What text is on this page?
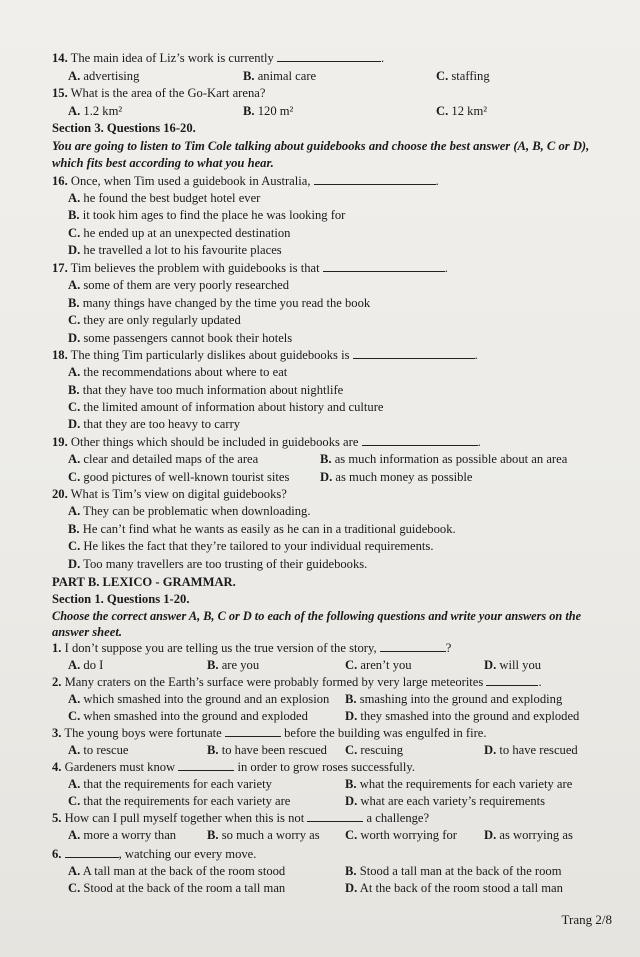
14. The main idea of Liz’s work is currently	.
A. advertising	B. animal care	C. staffing
15. What is the area of the Go-Kart arena?
A. 1.2 km²	B. 120 m²	C. 12 km²
Section 3. Questions 16-20.
You are going to listen to Tim Cole talking about guidebooks and choose the best answer (A, B, C or D),
which fits best according to what you hear.
16. Once, when Tim used a guidebook in Australia,	.
A. he found the best budget hotel ever
B. it took him ages to find the place he was looking for
C. he ended up at an unexpected destination
D. he travelled a lot to his favourite places
17. Tim believes the problem with guidebooks is that	.
A. some of them are very poorly researched
B. many things have changed by the time you read the book
C. they are only regularly updated
D. some passengers cannot book their hotels
18. The thing Tim particularly dislikes about guidebooks is	.
A. the recommendations about where to eat
B. that they have too much information about nightlife
C. the limited amount of information about history and culture
D. that they are too heavy to carry
19. Other things which should be included in guidebooks are	.
A. clear and detailed maps of the area	B. as much information as possible about an area
C. good pictures of well-known tourist sites D. as much money as possible
20. What is Tim’s view on digital guidebooks?
A. They can be problematic when downloading.
B. He can’t find what he wants as easily as he can in a traditional guidebook.
C. He likes the fact that they’re tailored to your individual requirements.
D. Too many travellers are too trusting of their guidebooks.
PART B. LEXICO - GRAMMAR.
Section 1. Questions 1-20.
Choose the correct answer A, B, C or D to each of the following questions and write your answers on the
answer sheet.
1. I don’t suppose you are telling us the true version of the story,	?
A. do I	B. are you	C. aren’t you	D. will you
2. Many craters on the Earth’s surface were probably formed by very large meteorites	.
A. which smashed into the ground and an explosion B. smashing into the ground and exploding
C. when smashed into the ground and exploded	D. they smashed into the ground and exploded
3. The young boys were fortunate	before the building was engulfed in fire.
A. to rescue	B. to have been rescued C. rescuing	D. to have rescued
4. Gardeners must know	in order to grow roses successfully.
A. that the requirements for each variety	B. what the requirements for each variety are
C. that the requirements for each variety are	D. what are each variety’s requirements
5. How can I pull myself together when this is not	a challenge?
A. more a worry than B. so much a worry as C. worth worrying for D. as worrying as
6.	, watching our every move.
A. A tall man at the back of the room stood	B. Stood a tall man at the back of the room
C. Stood at the back of the room a tall man	D. At the back of the room stood a tall man
Trang 2/8
